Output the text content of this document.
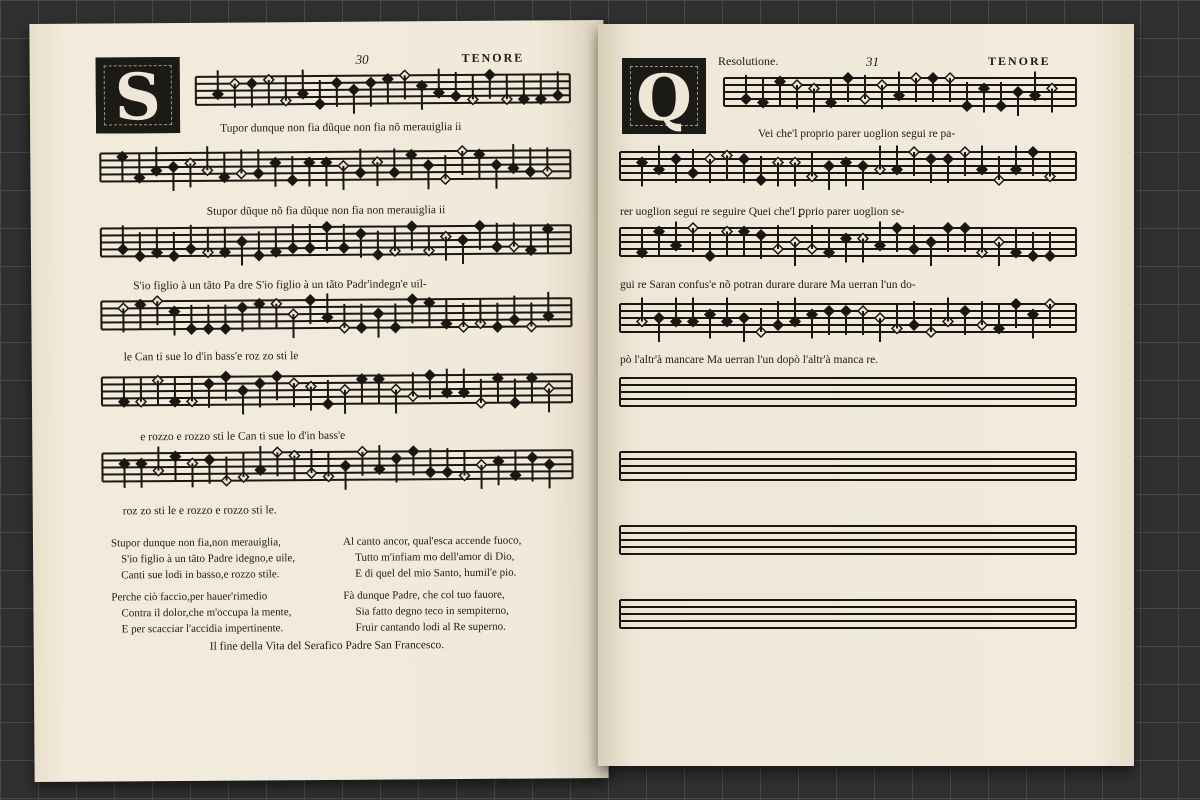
30	TENORE
S	Tupor dunque non fia dũque non fia nõ merauiglia ii
Stupor dũque nõ fia dũque non fia non merauiglia ii
S'io figlio à un tãto Pa dre S'io figlio à un tãto Padr'indegn'e uil-
le Can ti sue lo d'in bass'e roz zo sti le
e rozzo e rozzo sti le Can ti sue lo d'in bass'e
roz zo sti le e rozzo e rozzo sti le.
Stupor dunque non fia,non merauiglia,
S'io figlio à un tãto Padre idegno,e uile,
Canti sue lodi in basso,e rozzo stile.
Perche ciò faccio,per hauer'rimedio
Contra il dolor,che m'occupa la mente,
E per scacciar l'accidia impertinente.
Al canto ancor, qual'esca accende fuoco,
Tutto m'infiam mo dell'amor di Dio,
E di quel del mio Santo, humil'e pio.
Fà dunque Padre, che col tuo fauore,
Sia fatto degno teco in sempiterno,
Fruir cantando lodi al Re superno.
Il fine della Vita del Serafico Padre San Francesco.
Resolutione.	31	TENORE
Q	Vei che'l proprio parer uoglion segui re pa-
rer uoglion segui re seguire Quei che'l ꝑprio parer uoglion se-
gui re Saran confus'e nõ potran durare durare Ma uerran l'un do-
pò l'altr'à mancare Ma uerran l'un dopò l'altr'à manca re.
